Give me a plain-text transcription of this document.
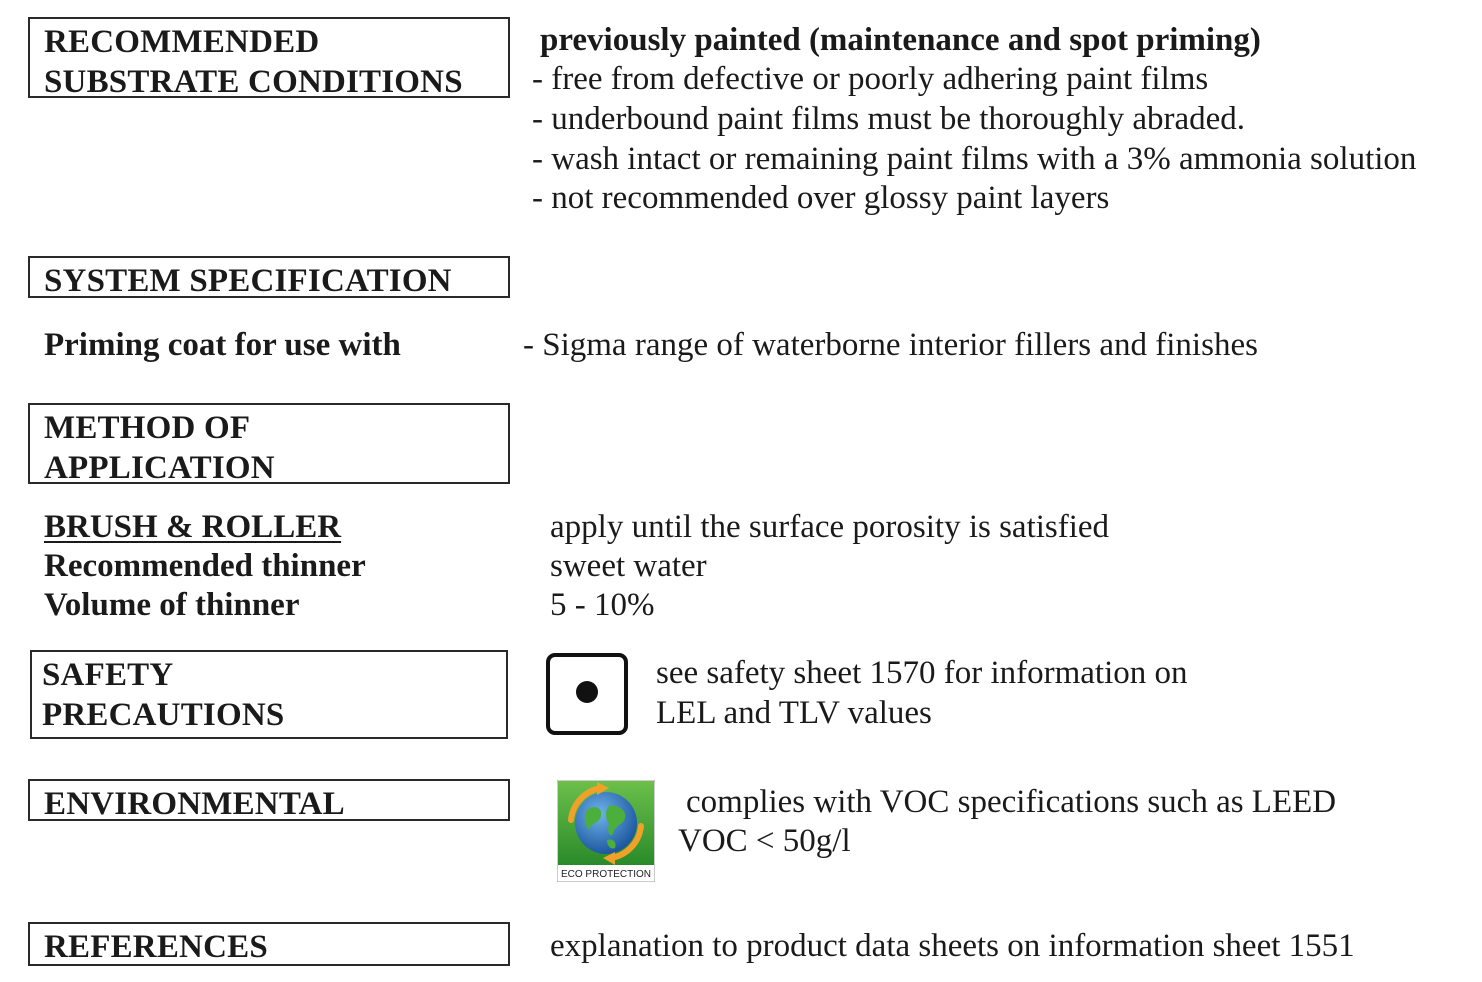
RECOMMENDED
SUBSTRATE CONDITIONS
previously painted (maintenance and spot priming)
- free from defective or poorly adhering paint films
- underbound paint films must be thoroughly abraded.
- wash intact or remaining paint films with a 3% ammonia solution
- not recommended over glossy paint layers
SYSTEM SPECIFICATION
Priming coat for use with	- Sigma range of waterborne interior fillers and finishes
METHOD OF
APPLICATION
BRUSH & ROLLER	apply until the surface porosity is satisfied
Recommended thinner	sweet water
Volume of thinner	5 - 10%
SAFETY
PRECAUTIONS
see safety sheet 1570 for information on
LEL and TLV values
ENVIRONMENTAL
ECO PROTECTION
complies with VOC specifications such as LEED
VOC < 50g/l
REFERENCES	explanation to product data sheets on information sheet 1551
